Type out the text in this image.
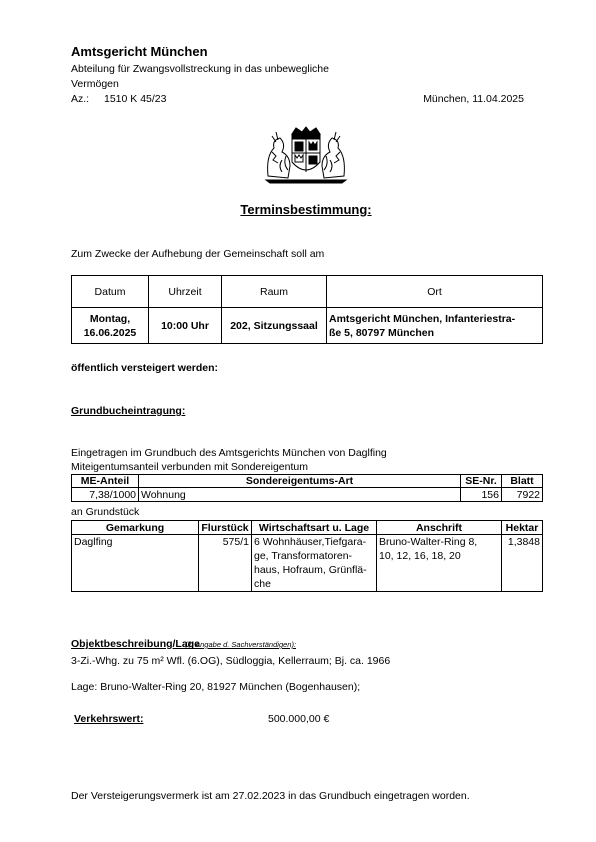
Amtsgericht München
Abteilung für Zwangsvollstreckung in das unbewegliche Vermögen
Az.: 1510 K 45/23	München, 11.04.2025
Terminsbestimmung:
Zum Zwecke der Aufhebung der Gemeinschaft soll am
Datum	Uhrzeit	Raum	Ort
Montag,
16.06.2025	10:00 Uhr	202, Sitzungssaal	Amtsgericht München, Infanteriestra-
ße 5, 80797 München
öffentlich versteigert werden:
Grundbucheintragung:
Eingetragen im Grundbuch des Amtsgerichts München von Daglfing
Miteigentumsanteil verbunden mit Sondereigentum
ME-Anteil	Sondereigentums-Art	SE-Nr.	Blatt
7,38/1000	Wohnung	156	7922
an Grundstück
Gemarkung	Flurstück	Wirtschaftsart u. Lage	Anschrift	Hektar
Daglfing	575/1	6 Wohnhäuser,Tiefgara-
ge, Transformatoren-
haus, Hofraum, Grünflä-
che	Bruno-Walter-Ring 8,
10, 12, 16, 18, 20	1,3848
Objektbeschreibung/Lage
(lt. Angabe d. Sachverständigen):
3-Zi.-Whg. zu 75 m² Wfl. (6.OG), Südloggia, Kellerraum; Bj. ca. 1966
Lage: Bruno-Walter-Ring 20, 81927 München (Bogenhausen);
Verkehrswert:	500.000,00 €
Der Versteigerungsvermerk ist am 27.02.2023 in das Grundbuch eingetragen worden.
